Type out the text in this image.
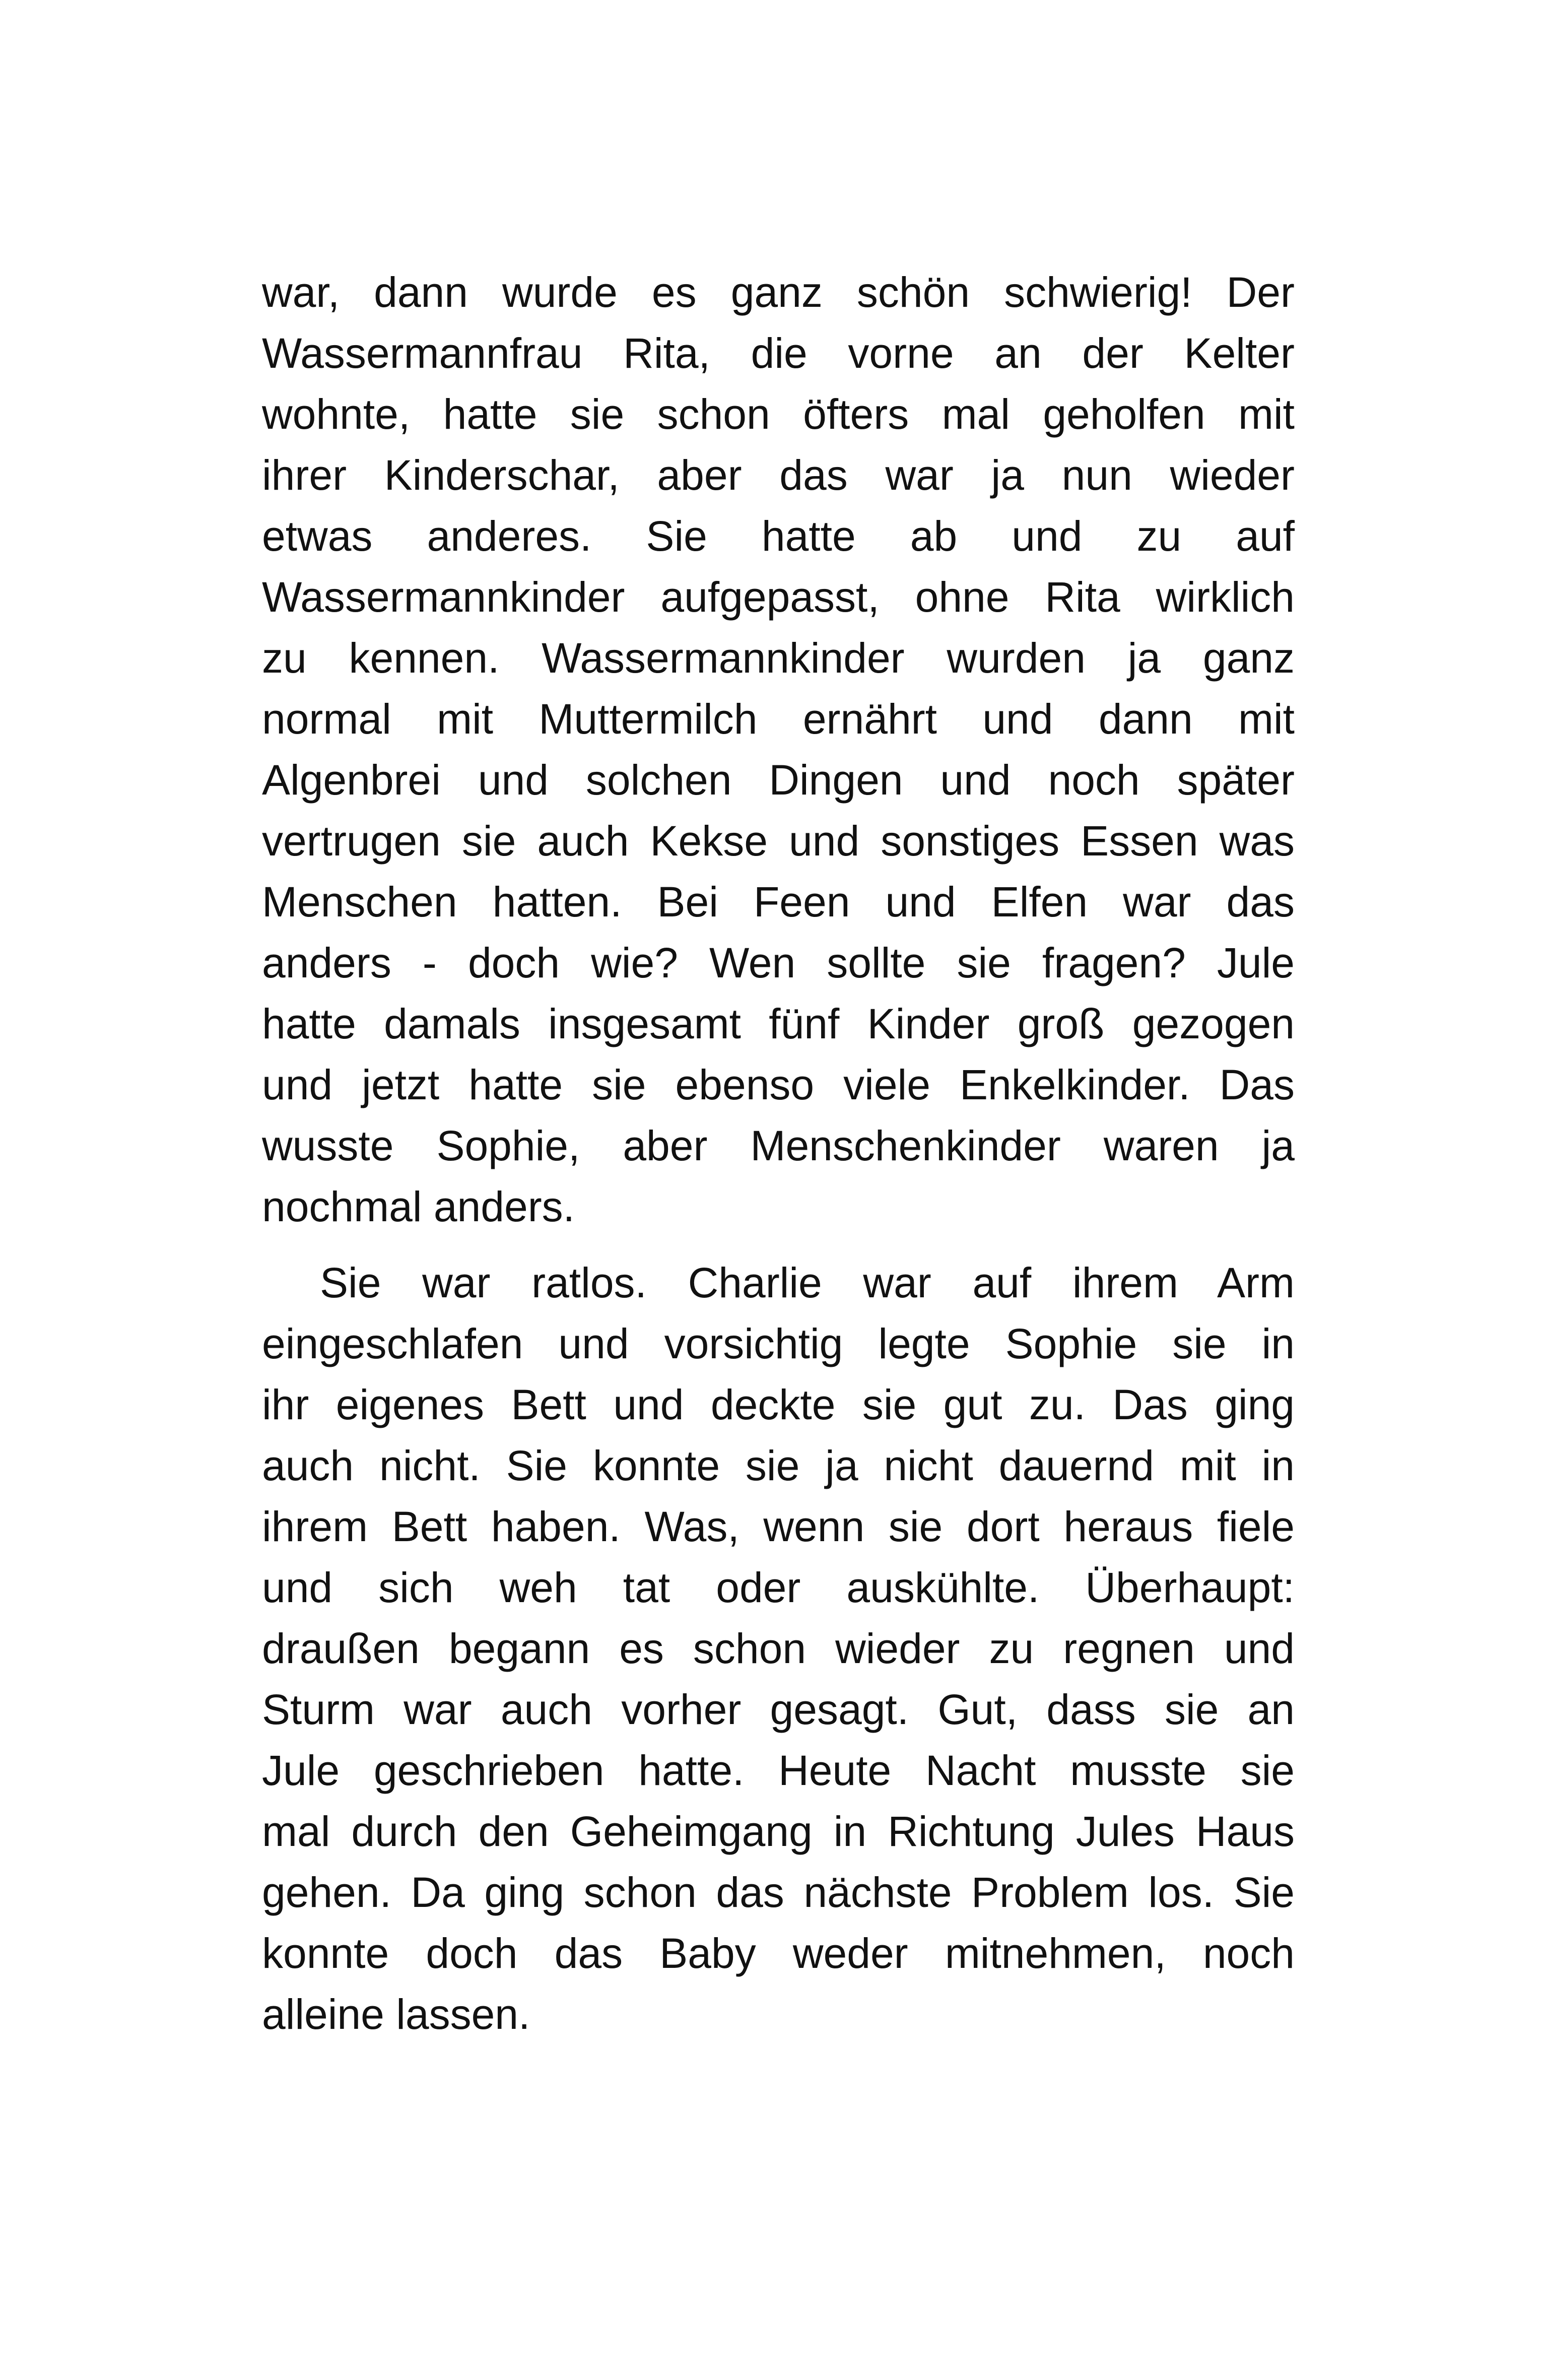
war, dann wurde es ganz schön schwierig! Der
Wassermannfrau Rita, die vorne an der Kelter
wohnte, hatte sie schon öfters mal geholfen mit
ihrer Kinderschar, aber das war ja nun wieder
etwas anderes. Sie hatte ab und zu auf
Wassermannkinder aufgepasst, ohne Rita wirklich
zu kennen. Wassermannkinder wurden ja ganz
normal mit Muttermilch ernährt und dann mit
Algenbrei und solchen Dingen und noch später
vertrugen sie auch Kekse und sonstiges Essen was
Menschen hatten. Bei Feen und Elfen war das
anders - doch wie? Wen sollte sie fragen? Jule
hatte damals insgesamt fünf Kinder groß gezogen
und jetzt hatte sie ebenso viele Enkelkinder. Das
wusste Sophie, aber Menschenkinder waren ja
nochmal anders.
Sie war ratlos. Charlie war auf ihrem Arm
eingeschlafen und vorsichtig legte Sophie sie in
ihr eigenes Bett und deckte sie gut zu. Das ging
auch nicht. Sie konnte sie ja nicht dauernd mit in
ihrem Bett haben. Was, wenn sie dort heraus fiele
und sich weh tat oder auskühlte. Überhaupt:
draußen begann es schon wieder zu regnen und
Sturm war auch vorher gesagt. Gut, dass sie an
Jule geschrieben hatte. Heute Nacht musste sie
mal durch den Geheimgang in Richtung Jules Haus
gehen. Da ging schon das nächste Problem los. Sie
konnte doch das Baby weder mitnehmen, noch
alleine lassen.
